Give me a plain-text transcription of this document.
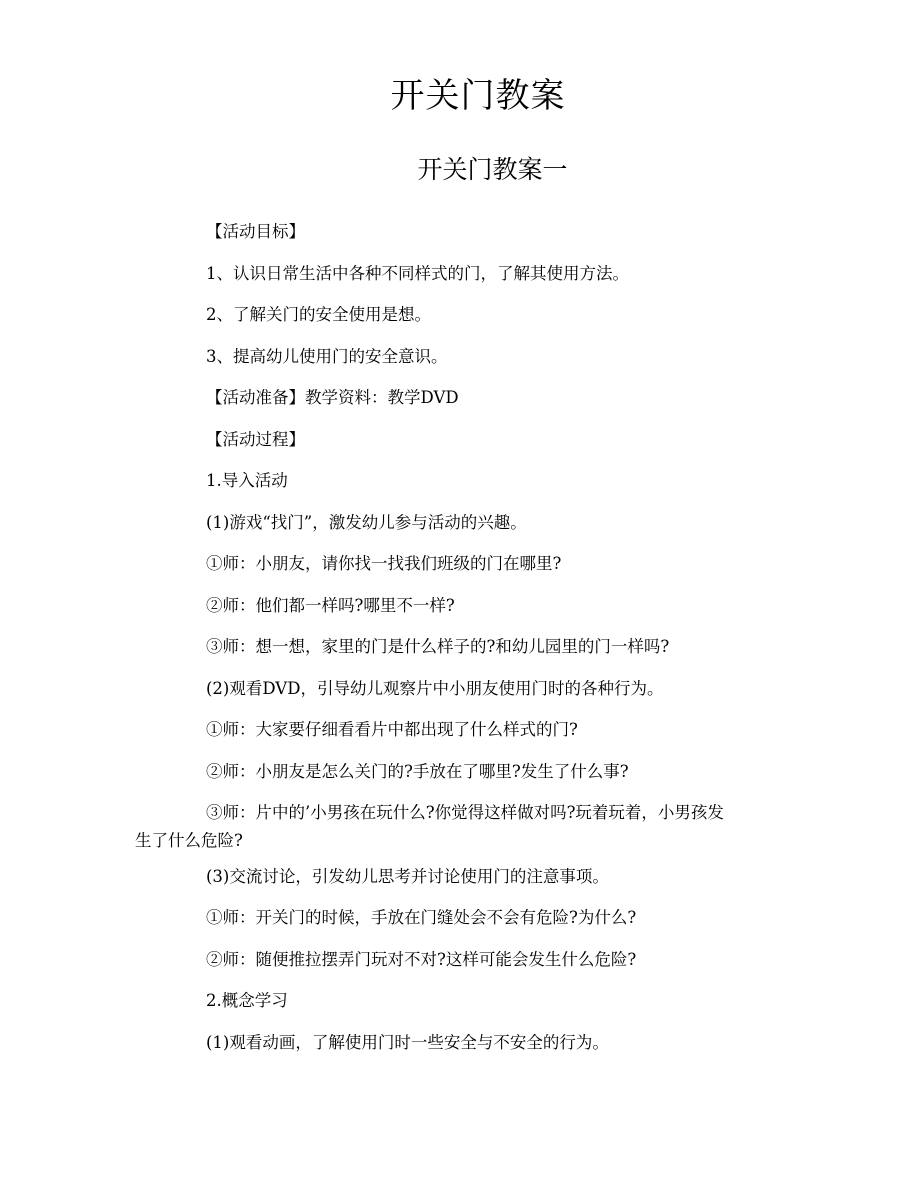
开关门教案
开关门教案一
【活动目标】
1、认识日常生活中各种不同样式的门，了解其使用方法。
2、了解关门的安全使用是想。
3、提高幼儿使用门的安全意识。
【活动准备】教学资料：教学DVD
【活动过程】
1.导入活动
(1)游戏“找门”，激发幼儿参与活动的兴趣。
①师：小朋友，请你找一找我们班级的门在哪里?
②师：他们都一样吗?哪里不一样?
③师：想一想，家里的门是什么样子的?和幼儿园里的门一样吗?
(2)观看DVD，引导幼儿观察片中小朋友使用门时的各种行为。
①师：大家要仔细看看片中都出现了什么样式的门?
②师：小朋友是怎么关门的?手放在了哪里?发生了什么事?
③师：片中的’小男孩在玩什么?你觉得这样做对吗?玩着玩着，小男孩发
生了什么危险?
(3)交流讨论，引发幼儿思考并讨论使用门的注意事项。
①师：开关门的时候，手放在门缝处会不会有危险?为什么?
②师：随便推拉摆弄门玩对不对?这样可能会发生什么危险?
2.概念学习
(1)观看动画，了解使用门时一些安全与不安全的行为。
